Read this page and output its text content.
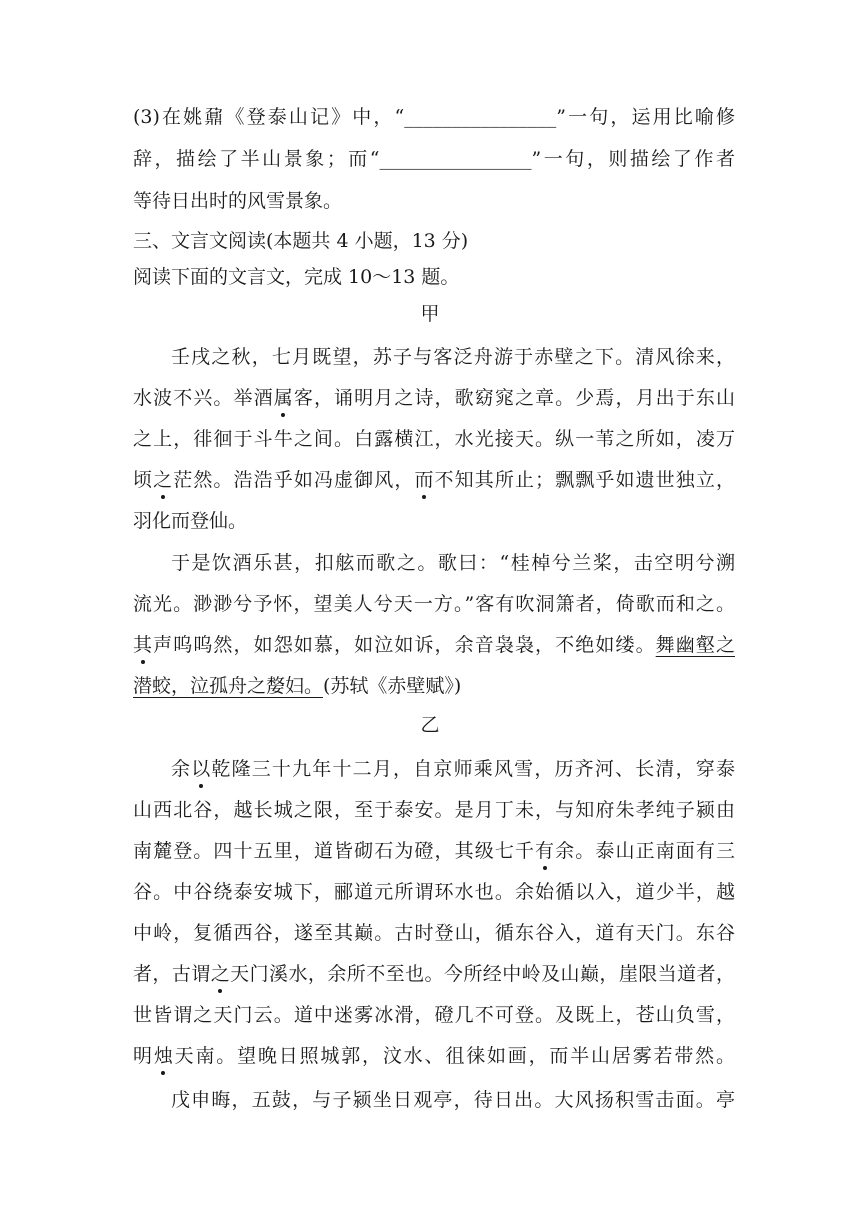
(3)在姚鼐《登泰山记》中，“________________”一句，运用比喻修
辞，描绘了半山景象；而“________________”一句，则描绘了作者
等待日出时的风雪景象。
三、文言文阅读(本题共 4 小题，13 分)
阅读下面的文言文，完成 10～13 题。
甲
壬戌之秋，七月既望，苏子与客泛舟游于赤壁之下。清风徐来，
水波不兴。举酒属客，诵明月之诗，歌窈窕之章。少焉，月出于东山
之上，徘徊于斗牛之间。白露横江，水光接天。纵一苇之所如，凌万
顷之茫然。浩浩乎如冯虚御风，而不知其所止；飘飘乎如遗世独立，
羽化而登仙。
于是饮酒乐甚，扣舷而歌之。歌曰：“桂棹兮兰桨，击空明兮溯
流光。渺渺兮予怀，望美人兮天一方。”客有吹洞箫者，倚歌而和之。
其声呜呜然，如怨如慕，如泣如诉，余音袅袅，不绝如缕。舞幽壑之
潜蛟，泣孤舟之嫠妇。(苏轼《赤壁赋》)
乙
余以乾隆三十九年十二月，自京师乘风雪，历齐河、长清，穿泰
山西北谷，越长城之限，至于泰安。是月丁未，与知府朱孝纯子颍由
南麓登。四十五里，道皆砌石为磴，其级七千有余。泰山正南面有三
谷。中谷绕泰安城下，郦道元所谓环水也。余始循以入，道少半，越
中岭，复循西谷，遂至其巅。古时登山，循东谷入，道有天门。东谷
者，古谓之天门溪水，余所不至也。今所经中岭及山巅，崖限当道者，
世皆谓之天门云。道中迷雾冰滑，磴几不可登。及既上，苍山负雪，
明烛天南。望晚日照城郭，汶水、徂徕如画，而半山居雾若带然。
戊申晦，五鼓，与子颍坐日观亭，待日出。大风扬积雪击面。亭
